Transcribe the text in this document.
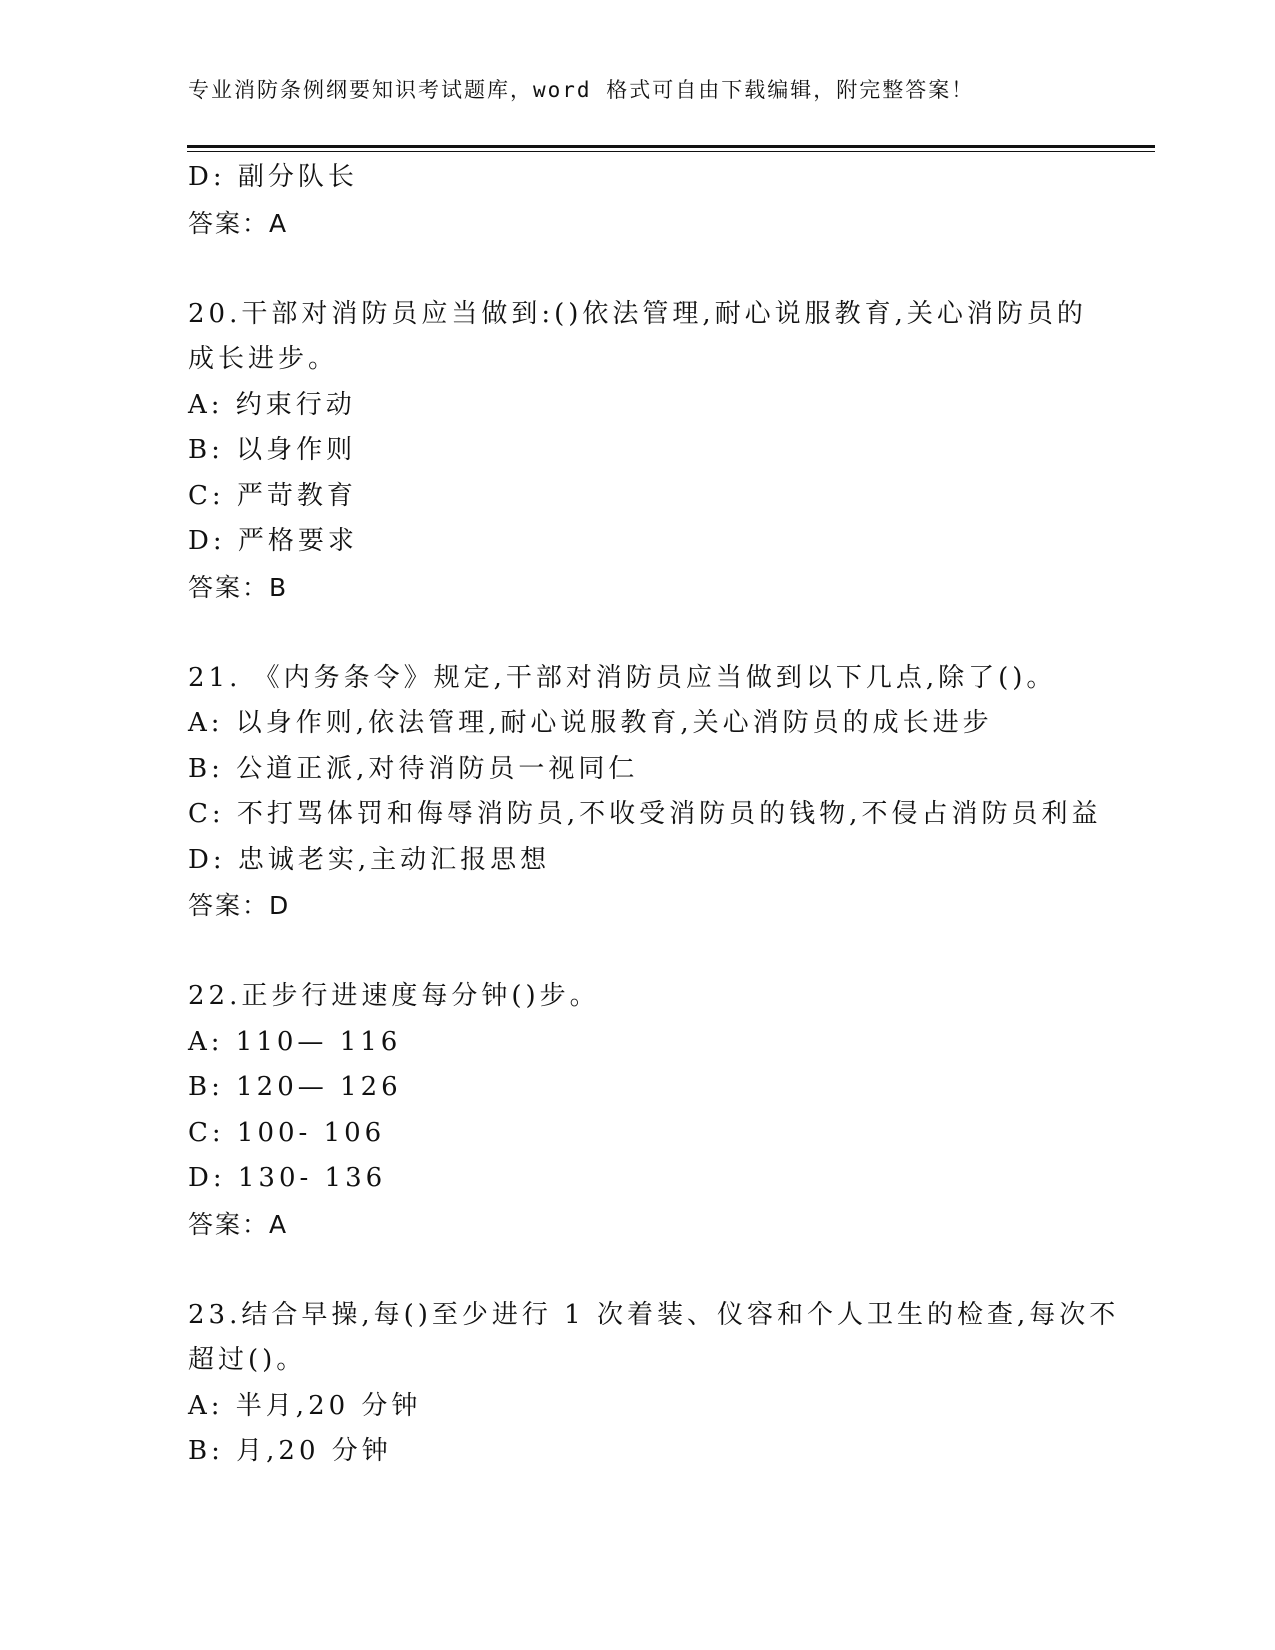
专业消防条例纲要知识考试题库，word 格式可自由下载编辑，附完整答案！
D: 副分队长
答案：A
20.干部对消防员应当做到:()依法管理,耐心说服教育,关心消防员的
成长进步。
A: 约束行动
B: 以身作则
C: 严苛教育
D: 严格要求
答案：B
21. 《内务条令》规定,干部对消防员应当做到以下几点,除了()。
A: 以身作则,依法管理,耐心说服教育,关心消防员的成长进步
B: 公道正派,对待消防员一视同仁
C: 不打骂体罚和侮辱消防员,不收受消防员的钱物,不侵占消防员利益
D: 忠诚老实,主动汇报思想
答案：D
22.正步行进速度每分钟()步。
A: 110— 116
B: 120— 126
C: 100- 106
D: 130- 136
答案：A
23.结合早操,每()至少进行 1 次着装、仪容和个人卫生的检查,每次不
超过()。
A: 半月,20 分钟
B: 月,20 分钟
